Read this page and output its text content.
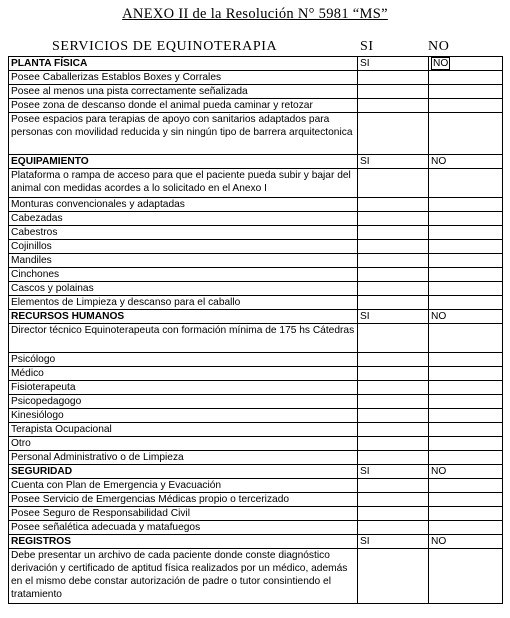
ANEXO II de la Resolución N° 5981 “MS”
SERVICIOS DE EQUINOTERAPIA	SI	NO
PLANTA FÍSICA	SI	NO
Posee Caballerizas Establos Boxes y Corrales		
Posee al menos una pista correctamente señalizada		
Posee zona de descanso donde el animal pueda caminar y retozar		
Posee espacios para terapias de apoyo con sanitarios adaptados para personas con movilidad reducida y sin ningún tipo de barrera arquitectonica		
EQUIPAMIENTO	SI	NO
Plataforma o rampa de acceso para que el paciente pueda subir y bajar del animal con medidas acordes a lo solicitado en el Anexo I		
Monturas convencionales y adaptadas		
Cabezadas		
Cabestros		
Cojinillos		
Mandiles		
Cinchones		
Cascos y polainas		
Elementos de Limpieza y descanso para el caballo		
RECURSOS HUMANOS	SI	NO
Director técnico Equinoterapeuta con formación mínima de 175 hs Cátedras		
Psicólogo		
Médico		
Fisioterapeuta		
Psicopedagogo		
Kinesiólogo		
Terapista Ocupacional		
Otro		
Personal Administrativo o de Limpieza		
SEGURIDAD	SI	NO
Cuenta con Plan de Emergencia y Evacuación		
Posee Servicio de Emergencias Médicas propio o tercerizado		
Posee Seguro de Responsabilidad Civil		
Posee señalética adecuada y matafuegos		
REGISTROS	SI	NO
Debe presentar un archivo de cada paciente donde conste diagnóstico derivación y certificado de aptitud física realizados por un médico, además en el mismo debe constar autorización de padre o tutor consintiendo el tratamiento		
